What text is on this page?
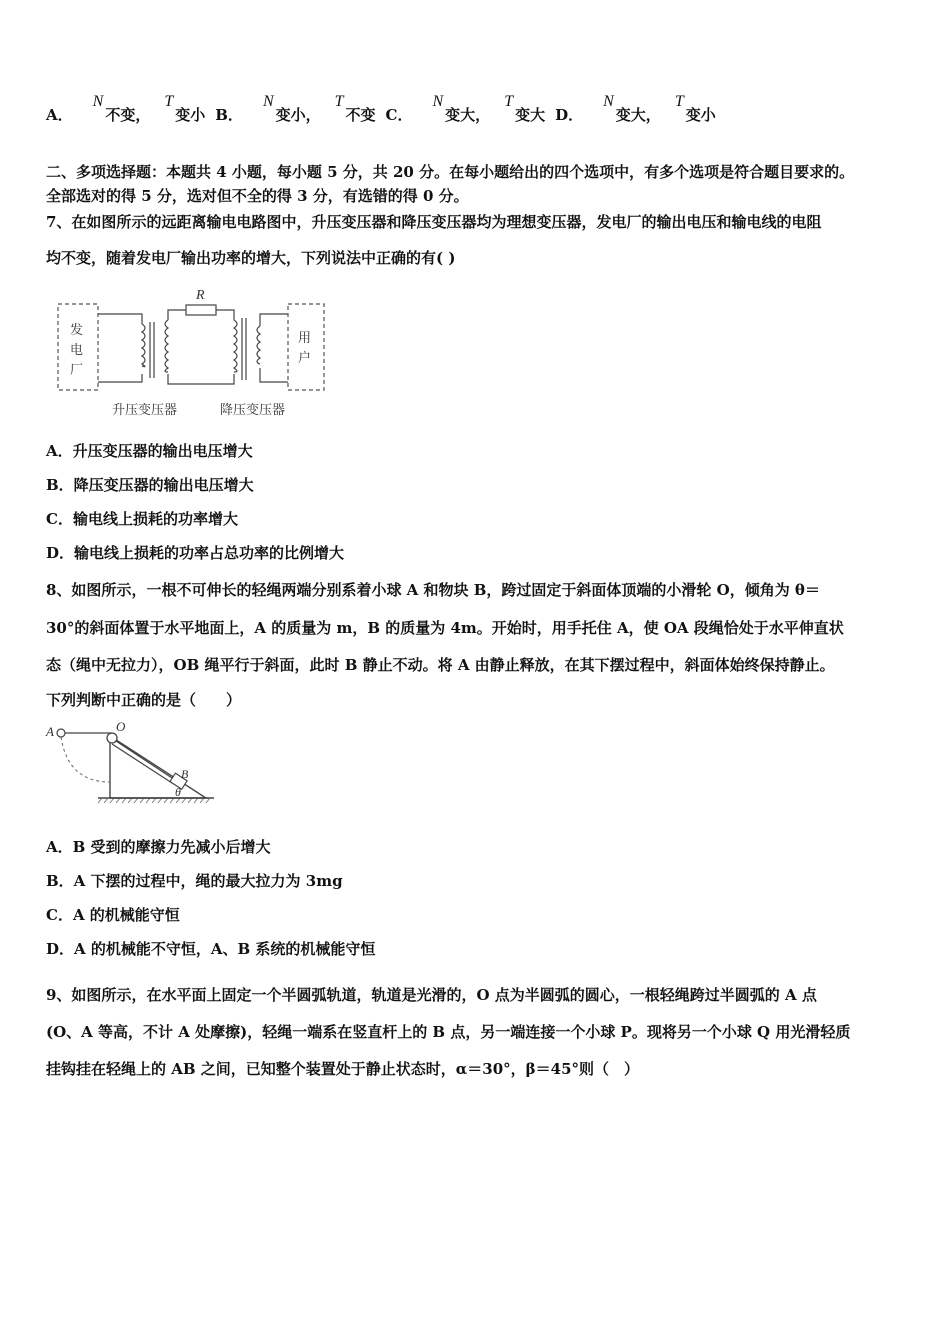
A．N不变，T变小 B．N变小，T不变 C．N变大，T变大 D．N变大，T变小
二、多项选择题：本题共 4 小题，每小题 5 分，共 20 分。在每小题给出的四个选项中，有多个选项是符合题目要求的。
全部选对的得 5 分，选对但不全的得 3 分，有选错的得 0 分。
7、在如图所示的远距离输电电路图中，升压变压器和降压变压器均为理想变压器，发电厂的输出电压和输电线的电阻
均不变，随着发电厂输出功率的增大，下列说法中正确的有( )
发
电
厂
R
用
户
升压变压器	降压变压器
A．升压变压器的输出电压增大
B．降压变压器的输出电压增大
C．输电线上损耗的功率增大
D．输电线上损耗的功率占总功率的比例增大
8、如图所示，一根不可伸长的轻绳两端分别系着小球 A 和物块 B，跨过固定于斜面体顶端的小滑轮 O，倾角为 θ＝
30°的斜面体置于水平地面上，A 的质量为 m，B 的质量为 4m。开始时，用手托住 A，使 OA 段绳恰处于水平伸直状
态（绳中无拉力），OB 绳平行于斜面，此时 B 静止不动。将 A 由静止释放，在其下摆过程中，斜面体始终保持静止。
下列判断中正确的是（　　）
A	O
B
θ
A．B 受到的摩擦力先减小后增大
B．A 下摆的过程中，绳的最大拉力为 3mg
C．A 的机械能守恒
D．A 的机械能不守恒，A、B 系统的机械能守恒
9、如图所示，在水平面上固定一个半圆弧轨道，轨道是光滑的，O 点为半圆弧的圆心，一根轻绳跨过半圆弧的 A 点
(O、A 等高，不计 A 处摩擦)，轻绳一端系在竖直杆上的 B 点，另一端连接一个小球 P。现将另一个小球 Q 用光滑轻质
挂钩挂在轻绳上的 AB 之间，已知整个装置处于静止状态时，α＝30°，β＝45°则（　）
